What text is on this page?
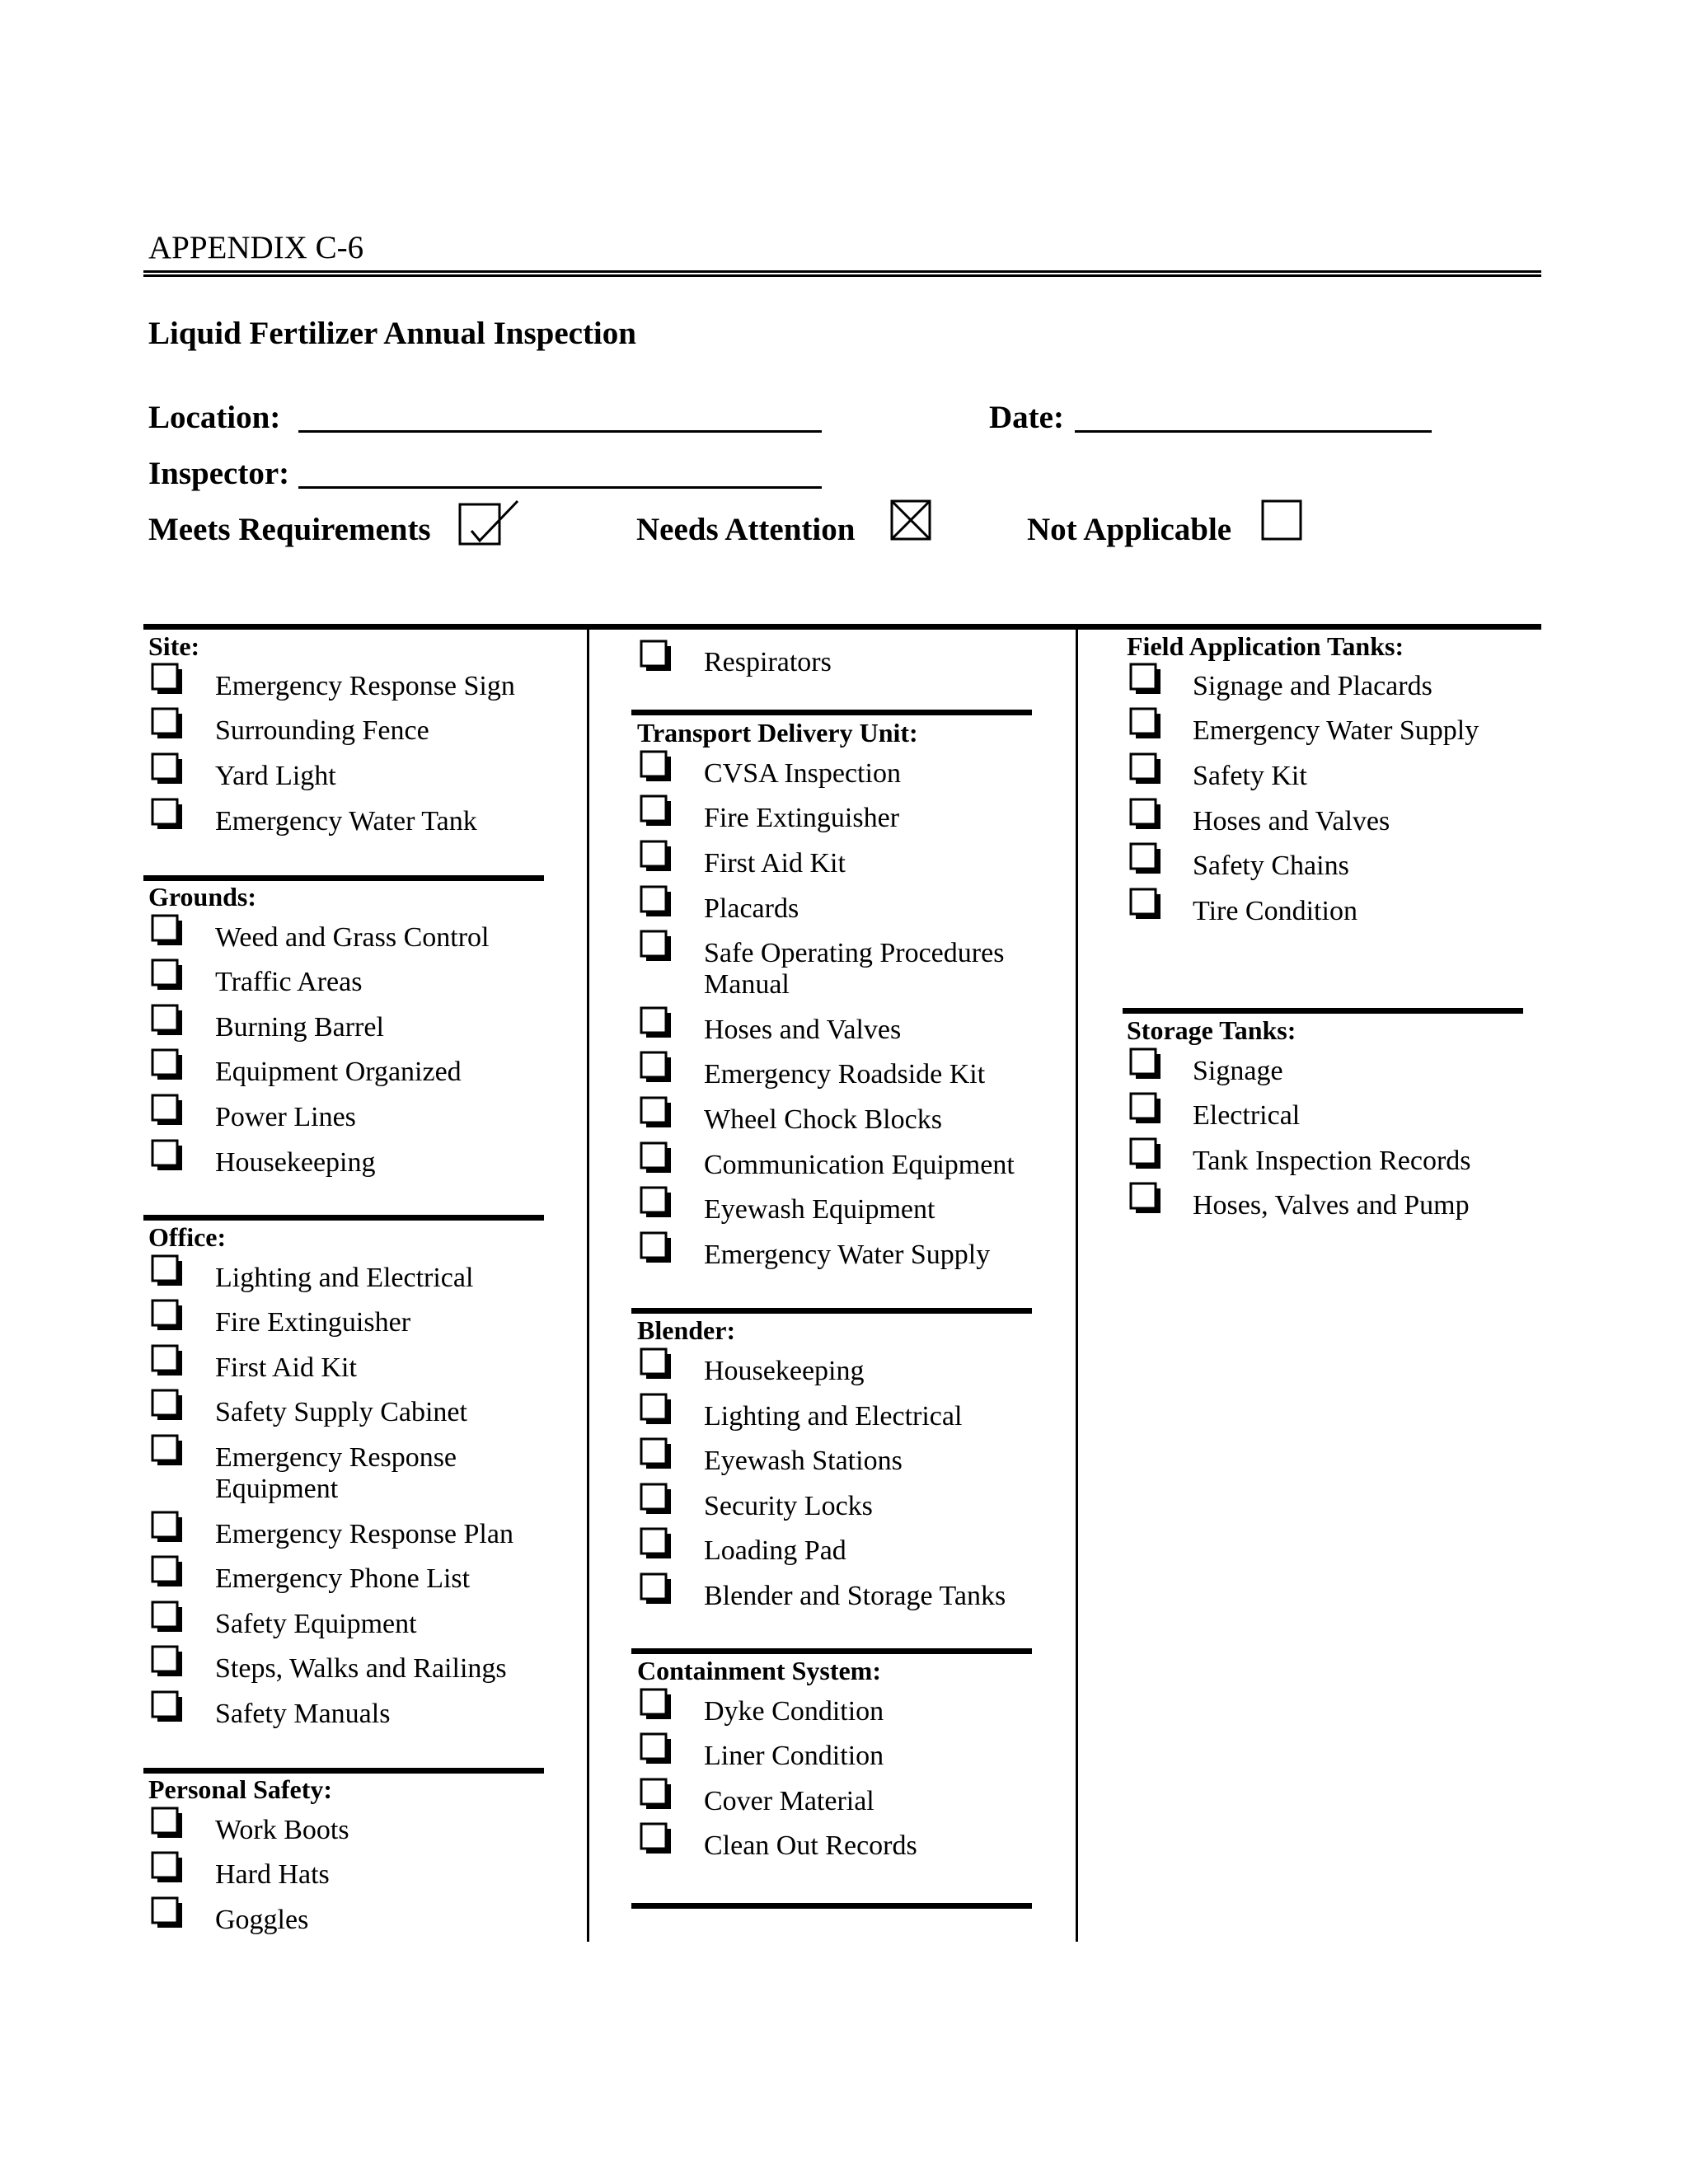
APPENDIX C-6
Liquid Fertilizer Annual Inspection
Location:	Date:
Inspector:
Meets Requirements	Needs Attention	Not Applicable
Site:
Emergency Response Sign
Surrounding Fence
Yard Light
Emergency Water Tank
Grounds:
Weed and Grass Control
Traffic Areas
Burning Barrel
Equipment Organized
Power Lines
Housekeeping
Office:
Lighting and Electrical
Fire Extinguisher
First Aid Kit
Safety Supply Cabinet
Emergency Response
Equipment
Emergency Response Plan
Emergency Phone List
Safety Equipment
Steps, Walks and Railings
Safety Manuals
Personal Safety:
Work Boots
Hard Hats
Goggles
Respirators
Transport Delivery Unit:
CVSA Inspection
Fire Extinguisher
First Aid Kit
Placards
Safe Operating Procedures
Manual
Hoses and Valves
Emergency Roadside Kit
Wheel Chock Blocks
Communication Equipment
Eyewash Equipment
Emergency Water Supply
Blender:
Housekeeping
Lighting and Electrical
Eyewash Stations
Security Locks
Loading Pad
Blender and Storage Tanks
Containment System:
Dyke Condition
Liner Condition
Cover Material
Clean Out Records
Field Application Tanks:
Signage and Placards
Emergency Water Supply
Safety Kit
Hoses and Valves
Safety Chains
Tire Condition
Storage Tanks:
Signage
Electrical
Tank Inspection Records
Hoses, Valves and Pump
